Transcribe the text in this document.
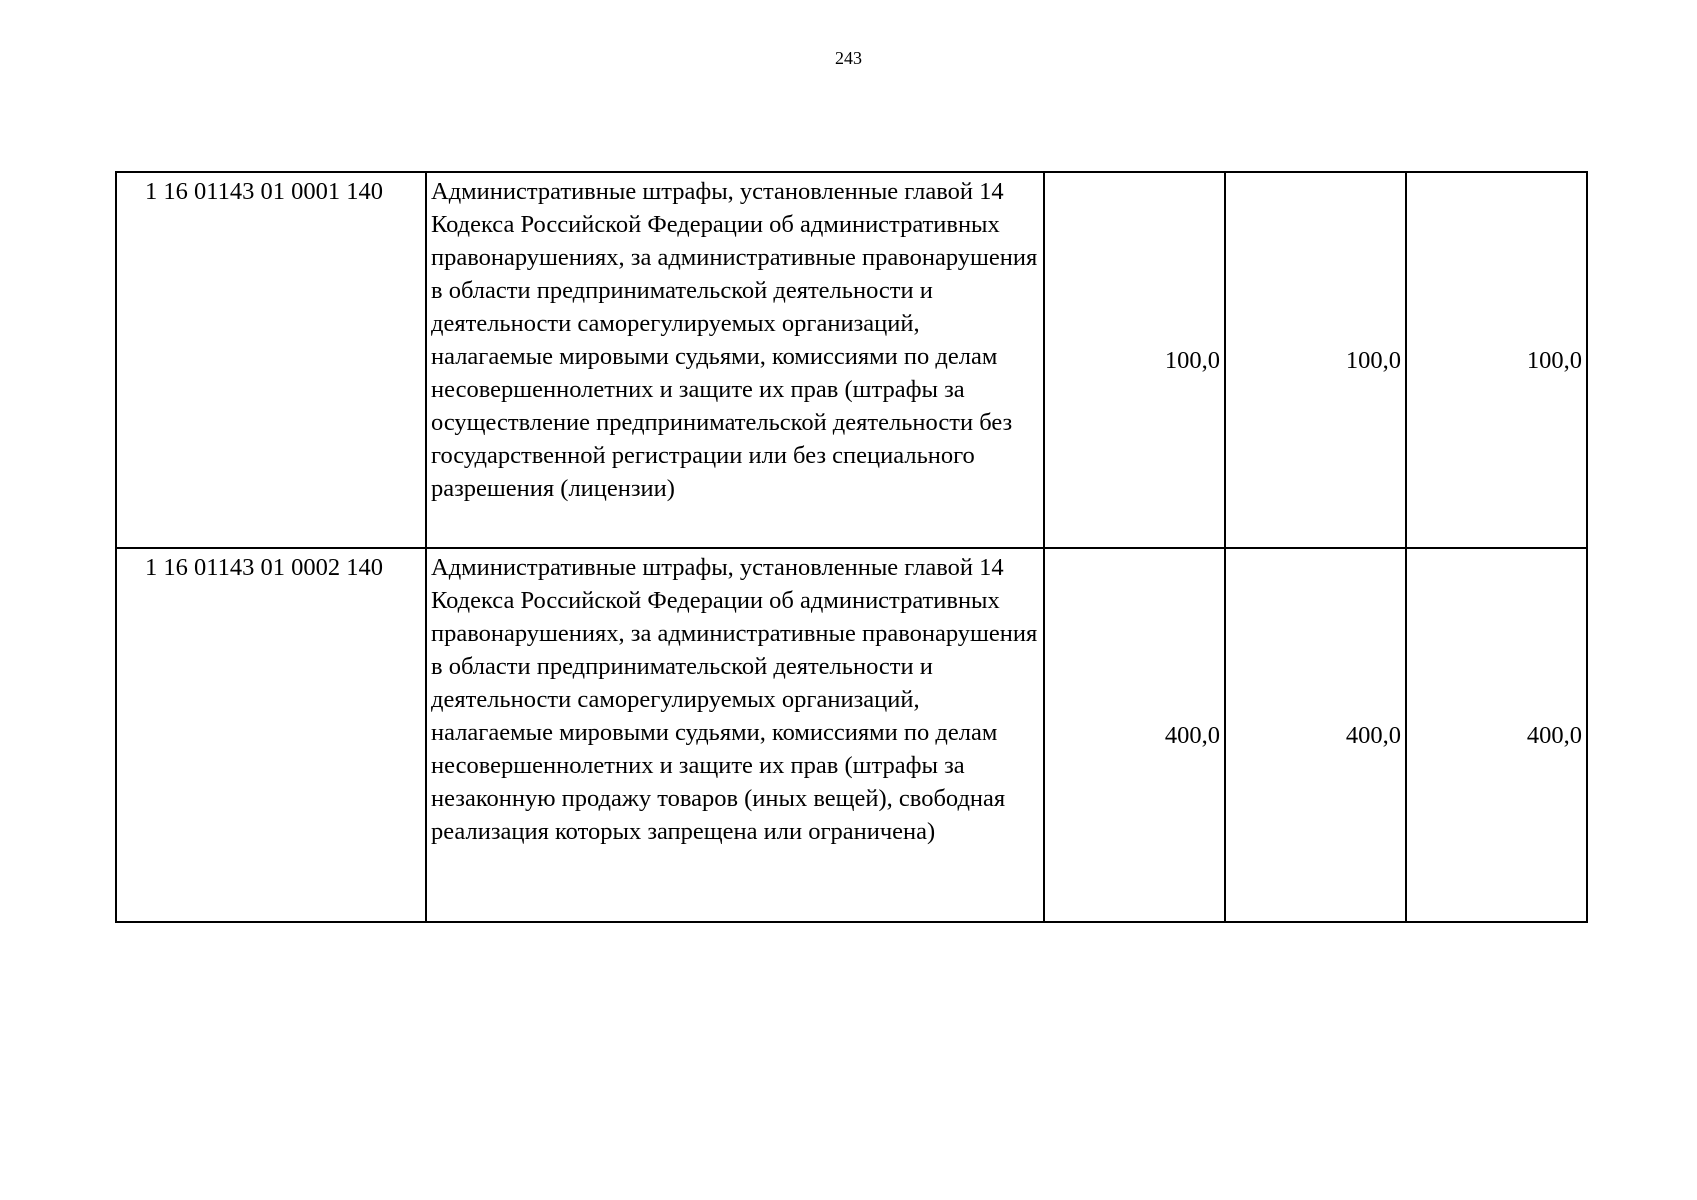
243
1 16 01143 01 0001 140	Административные штрафы, установленные главой 14 Кодекса Российской Федерации об административных правонарушениях, за административные правонарушения в области предпринимательской деятельности и деятельности саморегулируемых организаций, налагаемые мировыми судьями, комиссиями по делам несовершеннолетних и защите их прав (штрафы за осуществление предпринимательской деятельности без государственной регистрации или без специального разрешения (лицензии)	100,0	100,0	100,0
1 16 01143 01 0002 140	Административные штрафы, установленные главой 14 Кодекса Российской Федерации об административных правонарушениях, за административные правонарушения в области предпринимательской деятельности и деятельности саморегулируемых организаций, налагаемые мировыми судьями, комиссиями по делам несовершеннолетних и защите их прав (штрафы за незаконную продажу товаров (иных вещей), свободная реализация которых запрещена или ограничена)	400,0	400,0	400,0
